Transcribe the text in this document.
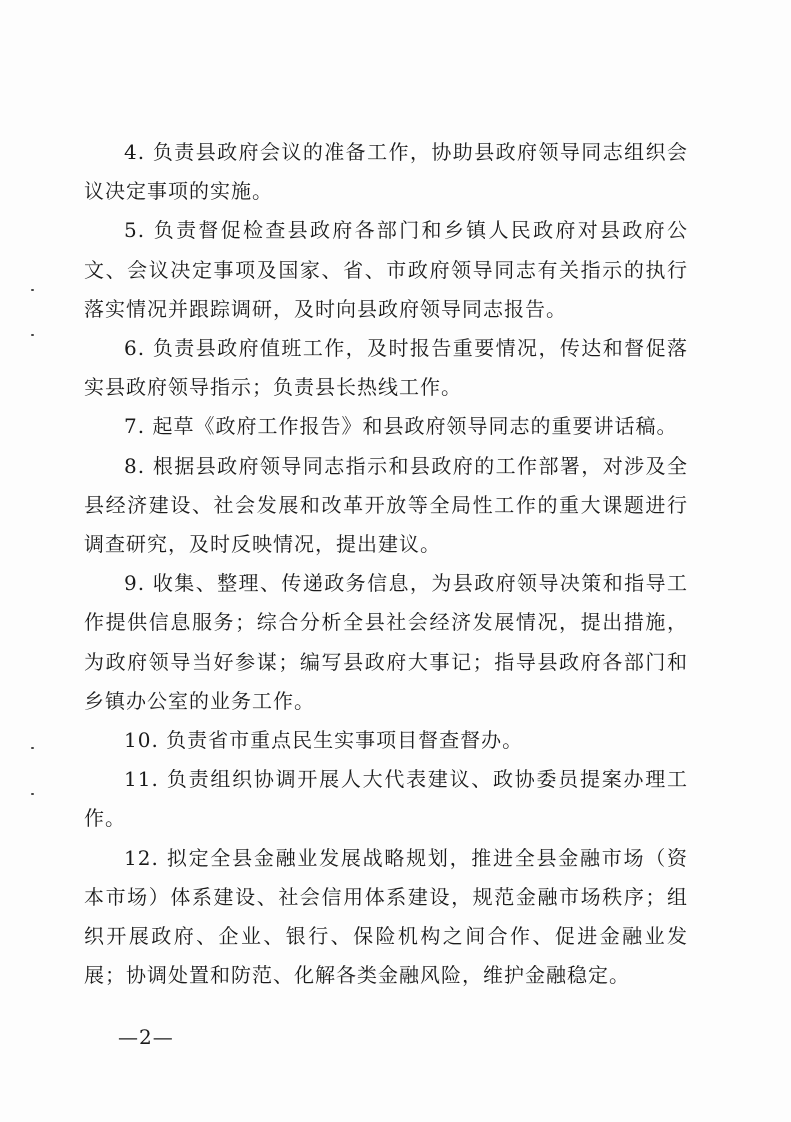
4. 负责县政府会议的准备工作，协助县政府领导同志组织会议决定事项的实施。

5. 负责督促检查县政府各部门和乡镇人民政府对县政府公文、会议决定事项及国家、省、市政府领导同志有关指示的执行落实情况并跟踪调研，及时向县政府领导同志报告。

6. 负责县政府值班工作，及时报告重要情况，传达和督促落实县政府领导指示；负责县长热线工作。

7. 起草《政府工作报告》和县政府领导同志的重要讲话稿。

8. 根据县政府领导同志指示和县政府的工作部署，对涉及全县经济建设、社会发展和改革开放等全局性工作的重大课题进行调查研究，及时反映情况，提出建议。

9. 收集、整理、传递政务信息，为县政府领导决策和指导工作提供信息服务；综合分析全县社会经济发展情况，提出措施，为政府领导当好参谋；编写县政府大事记；指导县政府各部门和乡镇办公室的业务工作。

10. 负责省市重点民生实事项目督查督办。

11. 负责组织协调开展人大代表建议、政协委员提案办理工作。

12. 拟定全县金融业发展战略规划，推进全县金融市场（资本市场）体系建设、社会信用体系建设，规范金融市场秩序；组织开展政府、企业、银行、保险机构之间合作、促进金融业发展；协调处置和防范、化解各类金融风险，维护金融稳定。

—2—
